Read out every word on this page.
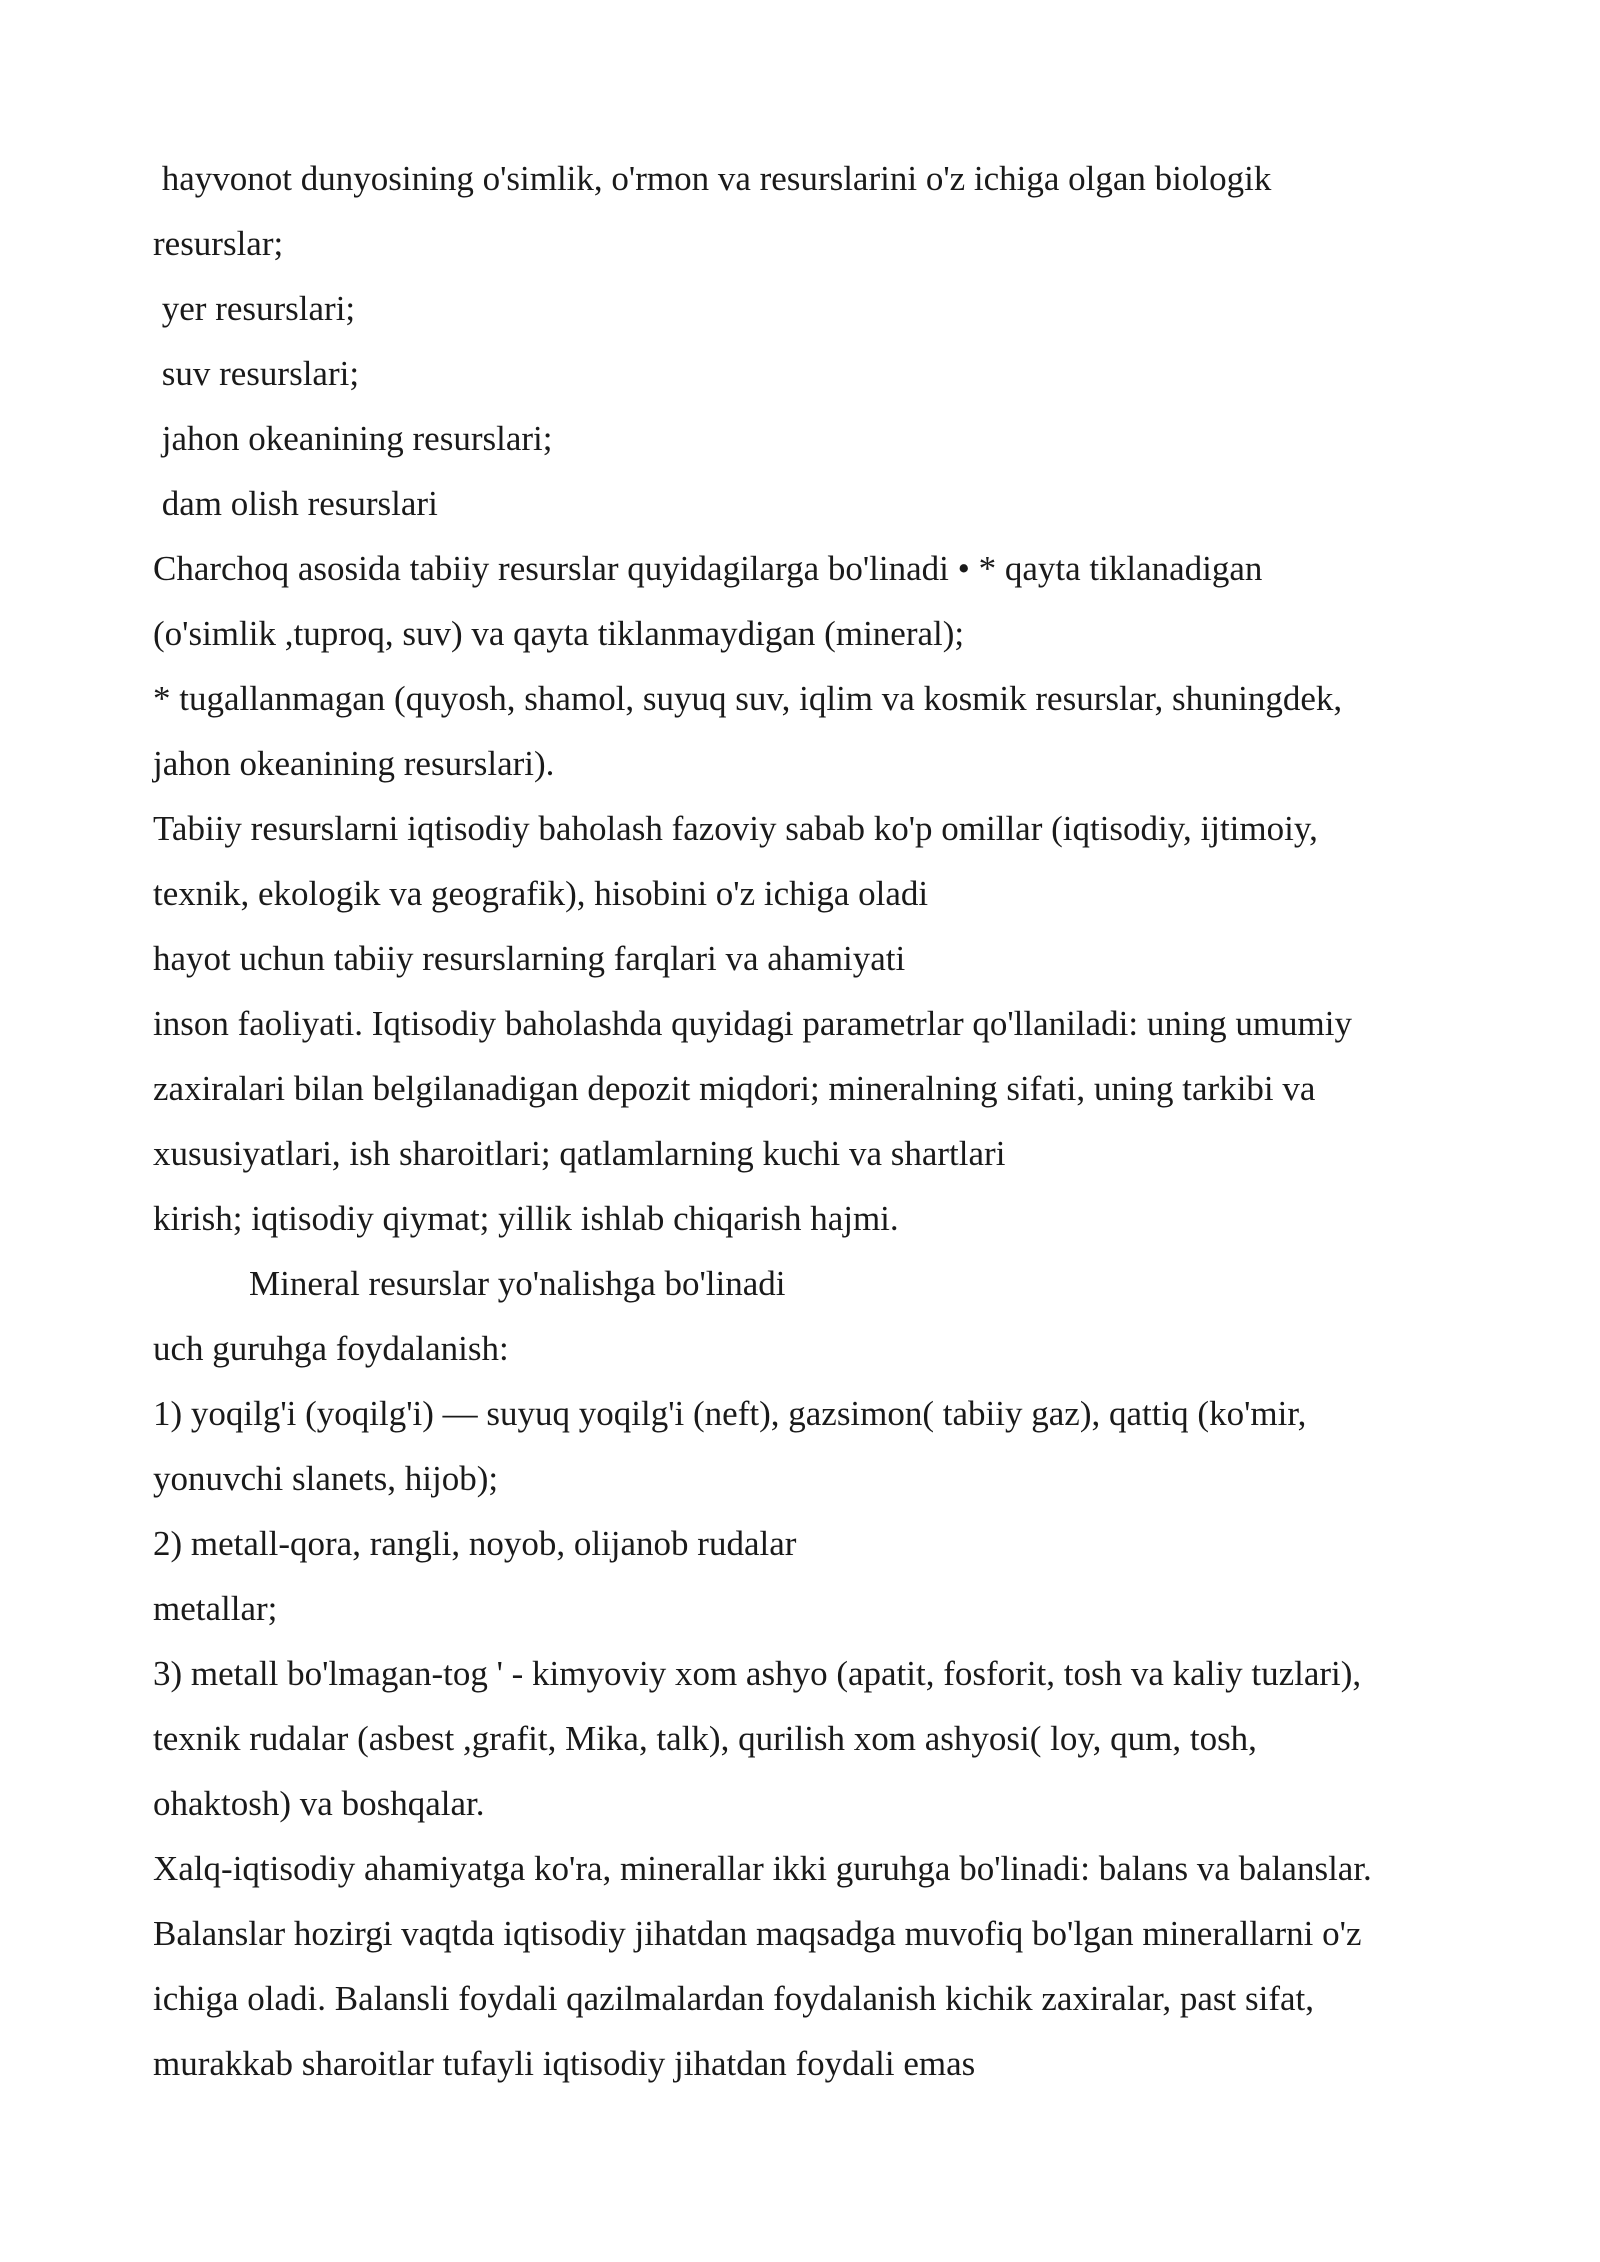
hayvonot dunyosining o'simlik, o'rmon va resurslarini o'z ichiga olgan biologik
resurslar;
yer resurslari;
suv resurslari;
jahon okeanining resurslari;
dam olish resurslari
Charchoq asosida tabiiy resurslar quyidagilarga bo'linadi • * qayta tiklanadigan
(o'simlik ,tuproq, suv) va qayta tiklanmaydigan (mineral);
* tugallanmagan (quyosh, shamol, suyuq suv, iqlim va kosmik resurslar, shuningdek,
jahon okeanining resurslari).
Tabiiy resurslarni iqtisodiy baholash fazoviy sabab ko'p omillar (iqtisodiy, ijtimoiy,
texnik, ekologik va geografik), hisobini o'z ichiga oladi
hayot uchun tabiiy resurslarning farqlari va ahamiyati
inson faoliyati. Iqtisodiy baholashda quyidagi parametrlar qo'llaniladi: uning umumiy
zaxiralari bilan belgilanadigan depozit miqdori; mineralning sifati, uning tarkibi va
xususiyatlari, ish sharoitlari; qatlamlarning kuchi va shartlari
kirish; iqtisodiy qiymat; yillik ishlab chiqarish hajmi.
Mineral resurslar yo'nalishga bo'linadi
uch guruhga foydalanish:
1) yoqilg'i (yoqilg'i) — suyuq yoqilg'i (neft), gazsimon( tabiiy gaz), qattiq (ko'mir,
yonuvchi slanets, hijob);
2) metall-qora, rangli, noyob, olijanob rudalar
metallar;
3) metall bo'lmagan-tog ' - kimyoviy xom ashyo (apatit, fosforit, tosh va kaliy tuzlari),
texnik rudalar (asbest ,grafit, Mika, talk), qurilish xom ashyosi( loy, qum, tosh,
ohaktosh) va boshqalar.
Xalq-iqtisodiy ahamiyatga ko'ra, minerallar ikki guruhga bo'linadi: balans va balanslar.
Balanslar hozirgi vaqtda iqtisodiy jihatdan maqsadga muvofiq bo'lgan minerallarni o'z
ichiga oladi. Balansli foydali qazilmalardan foydalanish kichik zaxiralar, past sifat,
murakkab sharoitlar tufayli iqtisodiy jihatdan foydali emas
